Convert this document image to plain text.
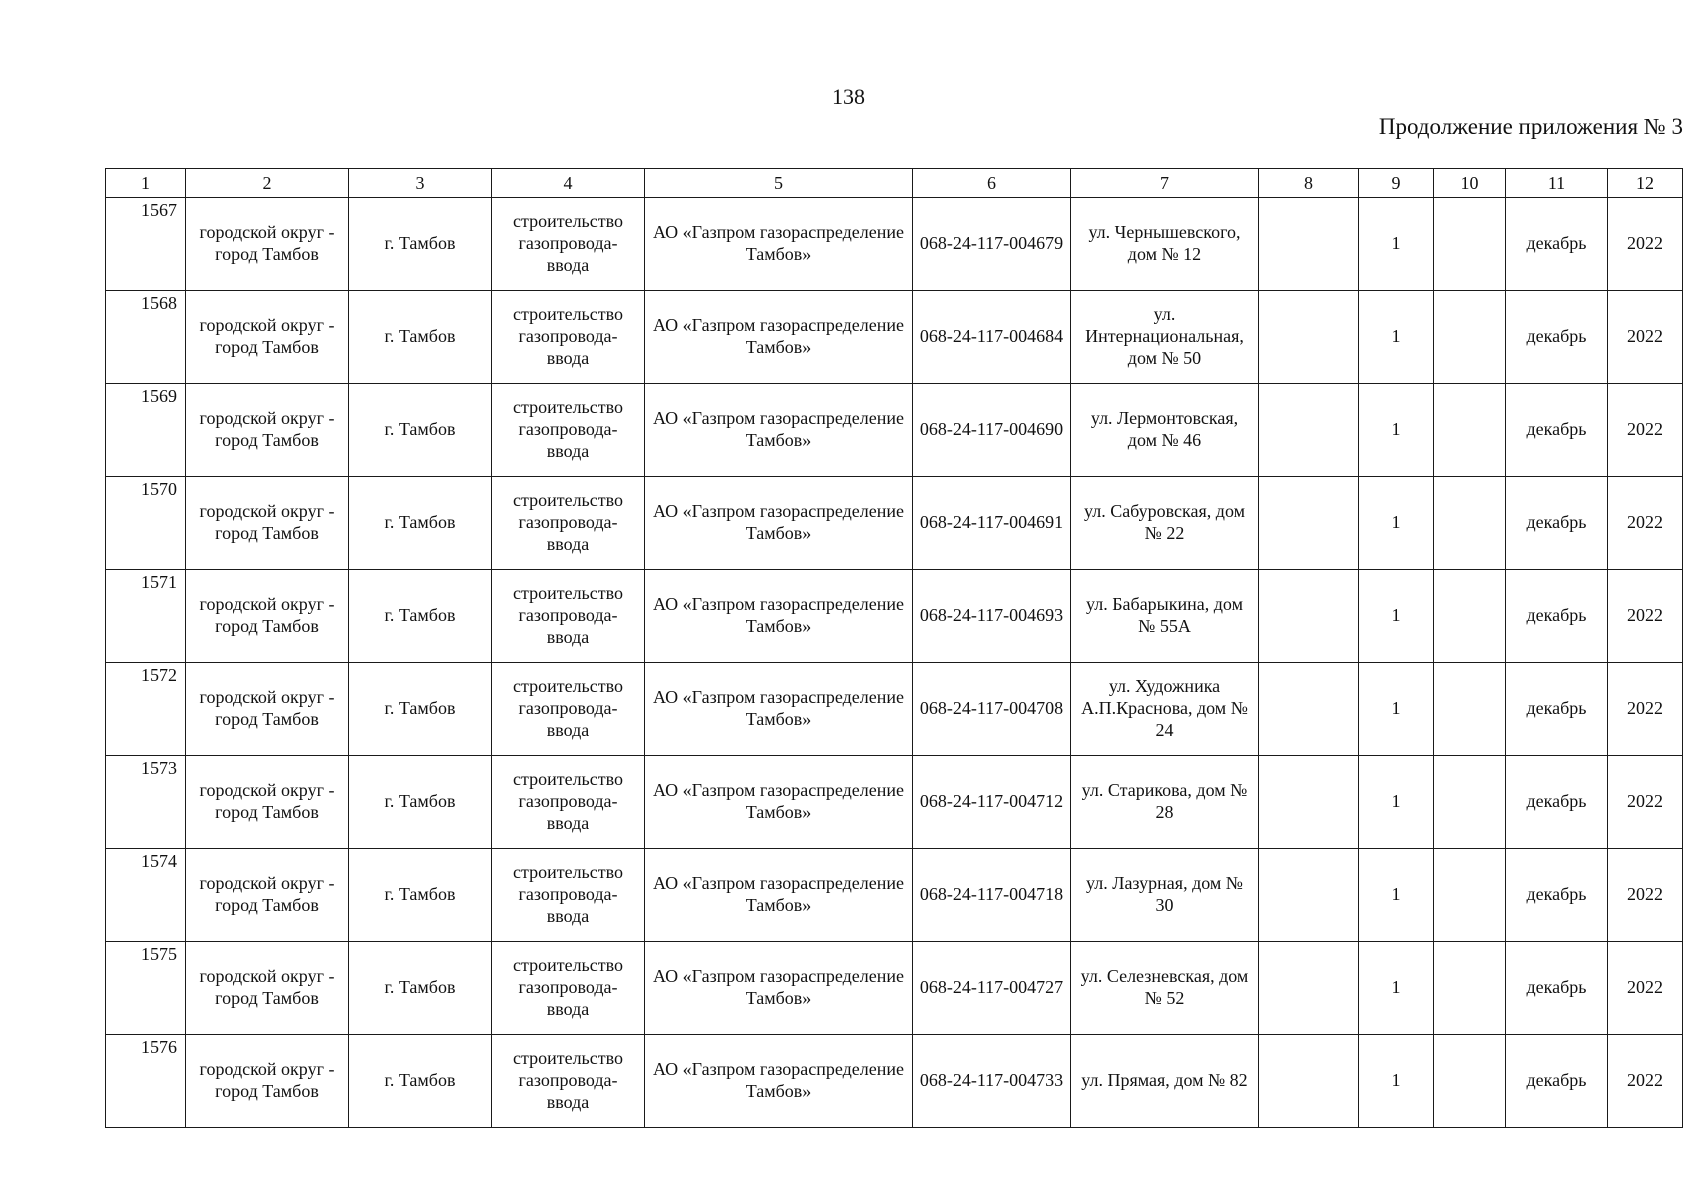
138
Продолжение приложения № 3
1	2	3	4	5	6	7	8	9	10	11	12
1567	городской округ - город Тамбов	г. Тамбов	строительство газопровода-ввода	АО «Газпром газораспределение Тамбов»	068-24-117-004679	ул. Чернышевского, дом № 12		1		декабрь	2022
1568	городской округ - город Тамбов	г. Тамбов	строительство газопровода-ввода	АО «Газпром газораспределение Тамбов»	068-24-117-004684	ул. Интернациональная, дом № 50		1		декабрь	2022
1569	городской округ - город Тамбов	г. Тамбов	строительство газопровода-ввода	АО «Газпром газораспределение Тамбов»	068-24-117-004690	ул. Лермонтовская, дом № 46		1		декабрь	2022
1570	городской округ - город Тамбов	г. Тамбов	строительство газопровода-ввода	АО «Газпром газораспределение Тамбов»	068-24-117-004691	ул. Сабуровская, дом № 22		1		декабрь	2022
1571	городской округ - город Тамбов	г. Тамбов	строительство газопровода-ввода	АО «Газпром газораспределение Тамбов»	068-24-117-004693	ул. Бабарыкина, дом № 55А		1		декабрь	2022
1572	городской округ - город Тамбов	г. Тамбов	строительство газопровода-ввода	АО «Газпром газораспределение Тамбов»	068-24-117-004708	ул. Художника А.П.Краснова, дом № 24		1		декабрь	2022
1573	городской округ - город Тамбов	г. Тамбов	строительство газопровода-ввода	АО «Газпром газораспределение Тамбов»	068-24-117-004712	ул. Старикова, дом № 28		1		декабрь	2022
1574	городской округ - город Тамбов	г. Тамбов	строительство газопровода-ввода	АО «Газпром газораспределение Тамбов»	068-24-117-004718	ул. Лазурная, дом № 30		1		декабрь	2022
1575	городской округ - город Тамбов	г. Тамбов	строительство газопровода-ввода	АО «Газпром газораспределение Тамбов»	068-24-117-004727	ул. Селезневская, дом № 52		1		декабрь	2022
1576	городской округ - город Тамбов	г. Тамбов	строительство газопровода-ввода	АО «Газпром газораспределение Тамбов»	068-24-117-004733	ул. Прямая, дом № 82		1		декабрь	2022
